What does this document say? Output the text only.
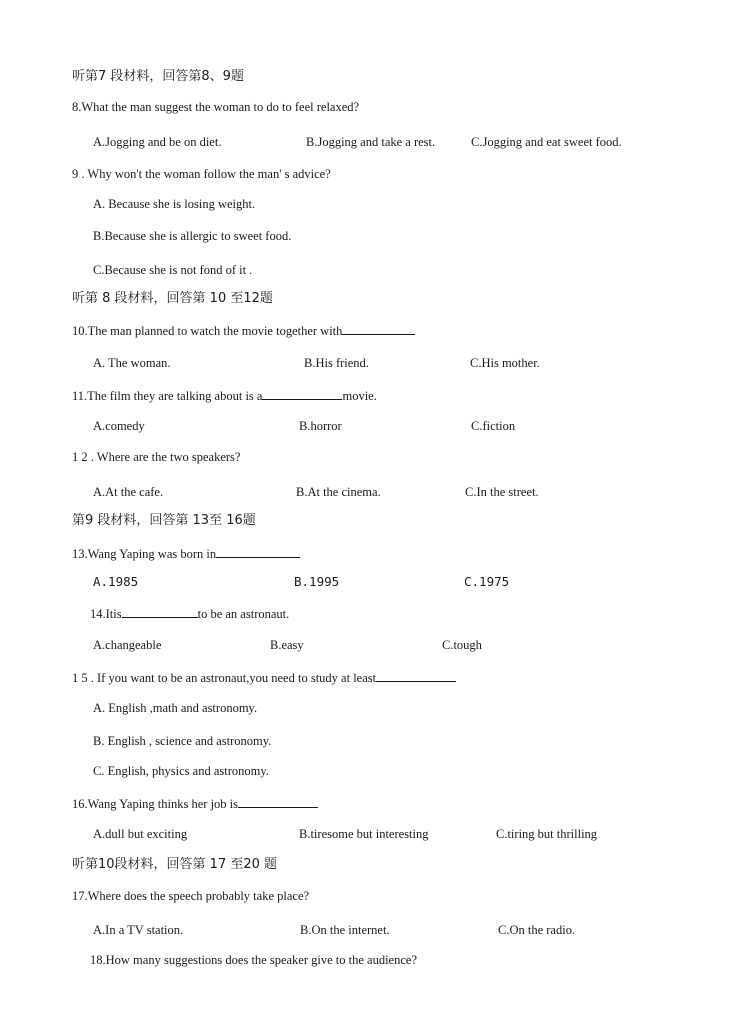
听第7 段材料，回答第8、9题
8.What the man suggest the woman to do to feel relaxed?
A.Jogging and be on diet.	B.Jogging and take a rest.	C.Jogging and eat sweet food.
9 . Why won't the woman follow the man' s advice?
A. Because she is losing weight.
B.Because she is allergic to sweet food.
C.Because she is not fond of it .
听第 8 段材料，回答第 10 至12题
10.The man planned to watch the movie together with
A. The woman.	B.His friend.	C.His mother.
11.The film they are talking about is a	movie.
A.comedy	B.horror	C.fiction
1 2 . Where are the two speakers?
A.At the cafe.	B.At the cinema.	C.In the street.
第9 段材料，回答第 13至 16题
13.Wang Yaping was born in
A.1985	B.1995	C.1975
14.Itis	to be an astronaut.
A.changeable	B.easy	C.tough
1 5 . If you want to be an astronaut,you need to study at least
A. English ,math and astronomy.
B. English , science and astronomy.
C. English, physics and astronomy.
16.Wang Yaping thinks her job is
A.dull but exciting	B.tiresome but interesting	C.tiring but thrilling
听第10段材料，回答第 17 至20 题
17.Where does the speech probably take place?
A.In a TV station.	B.On the internet.	C.On the radio.
18.How many suggestions does the speaker give to the audience?
